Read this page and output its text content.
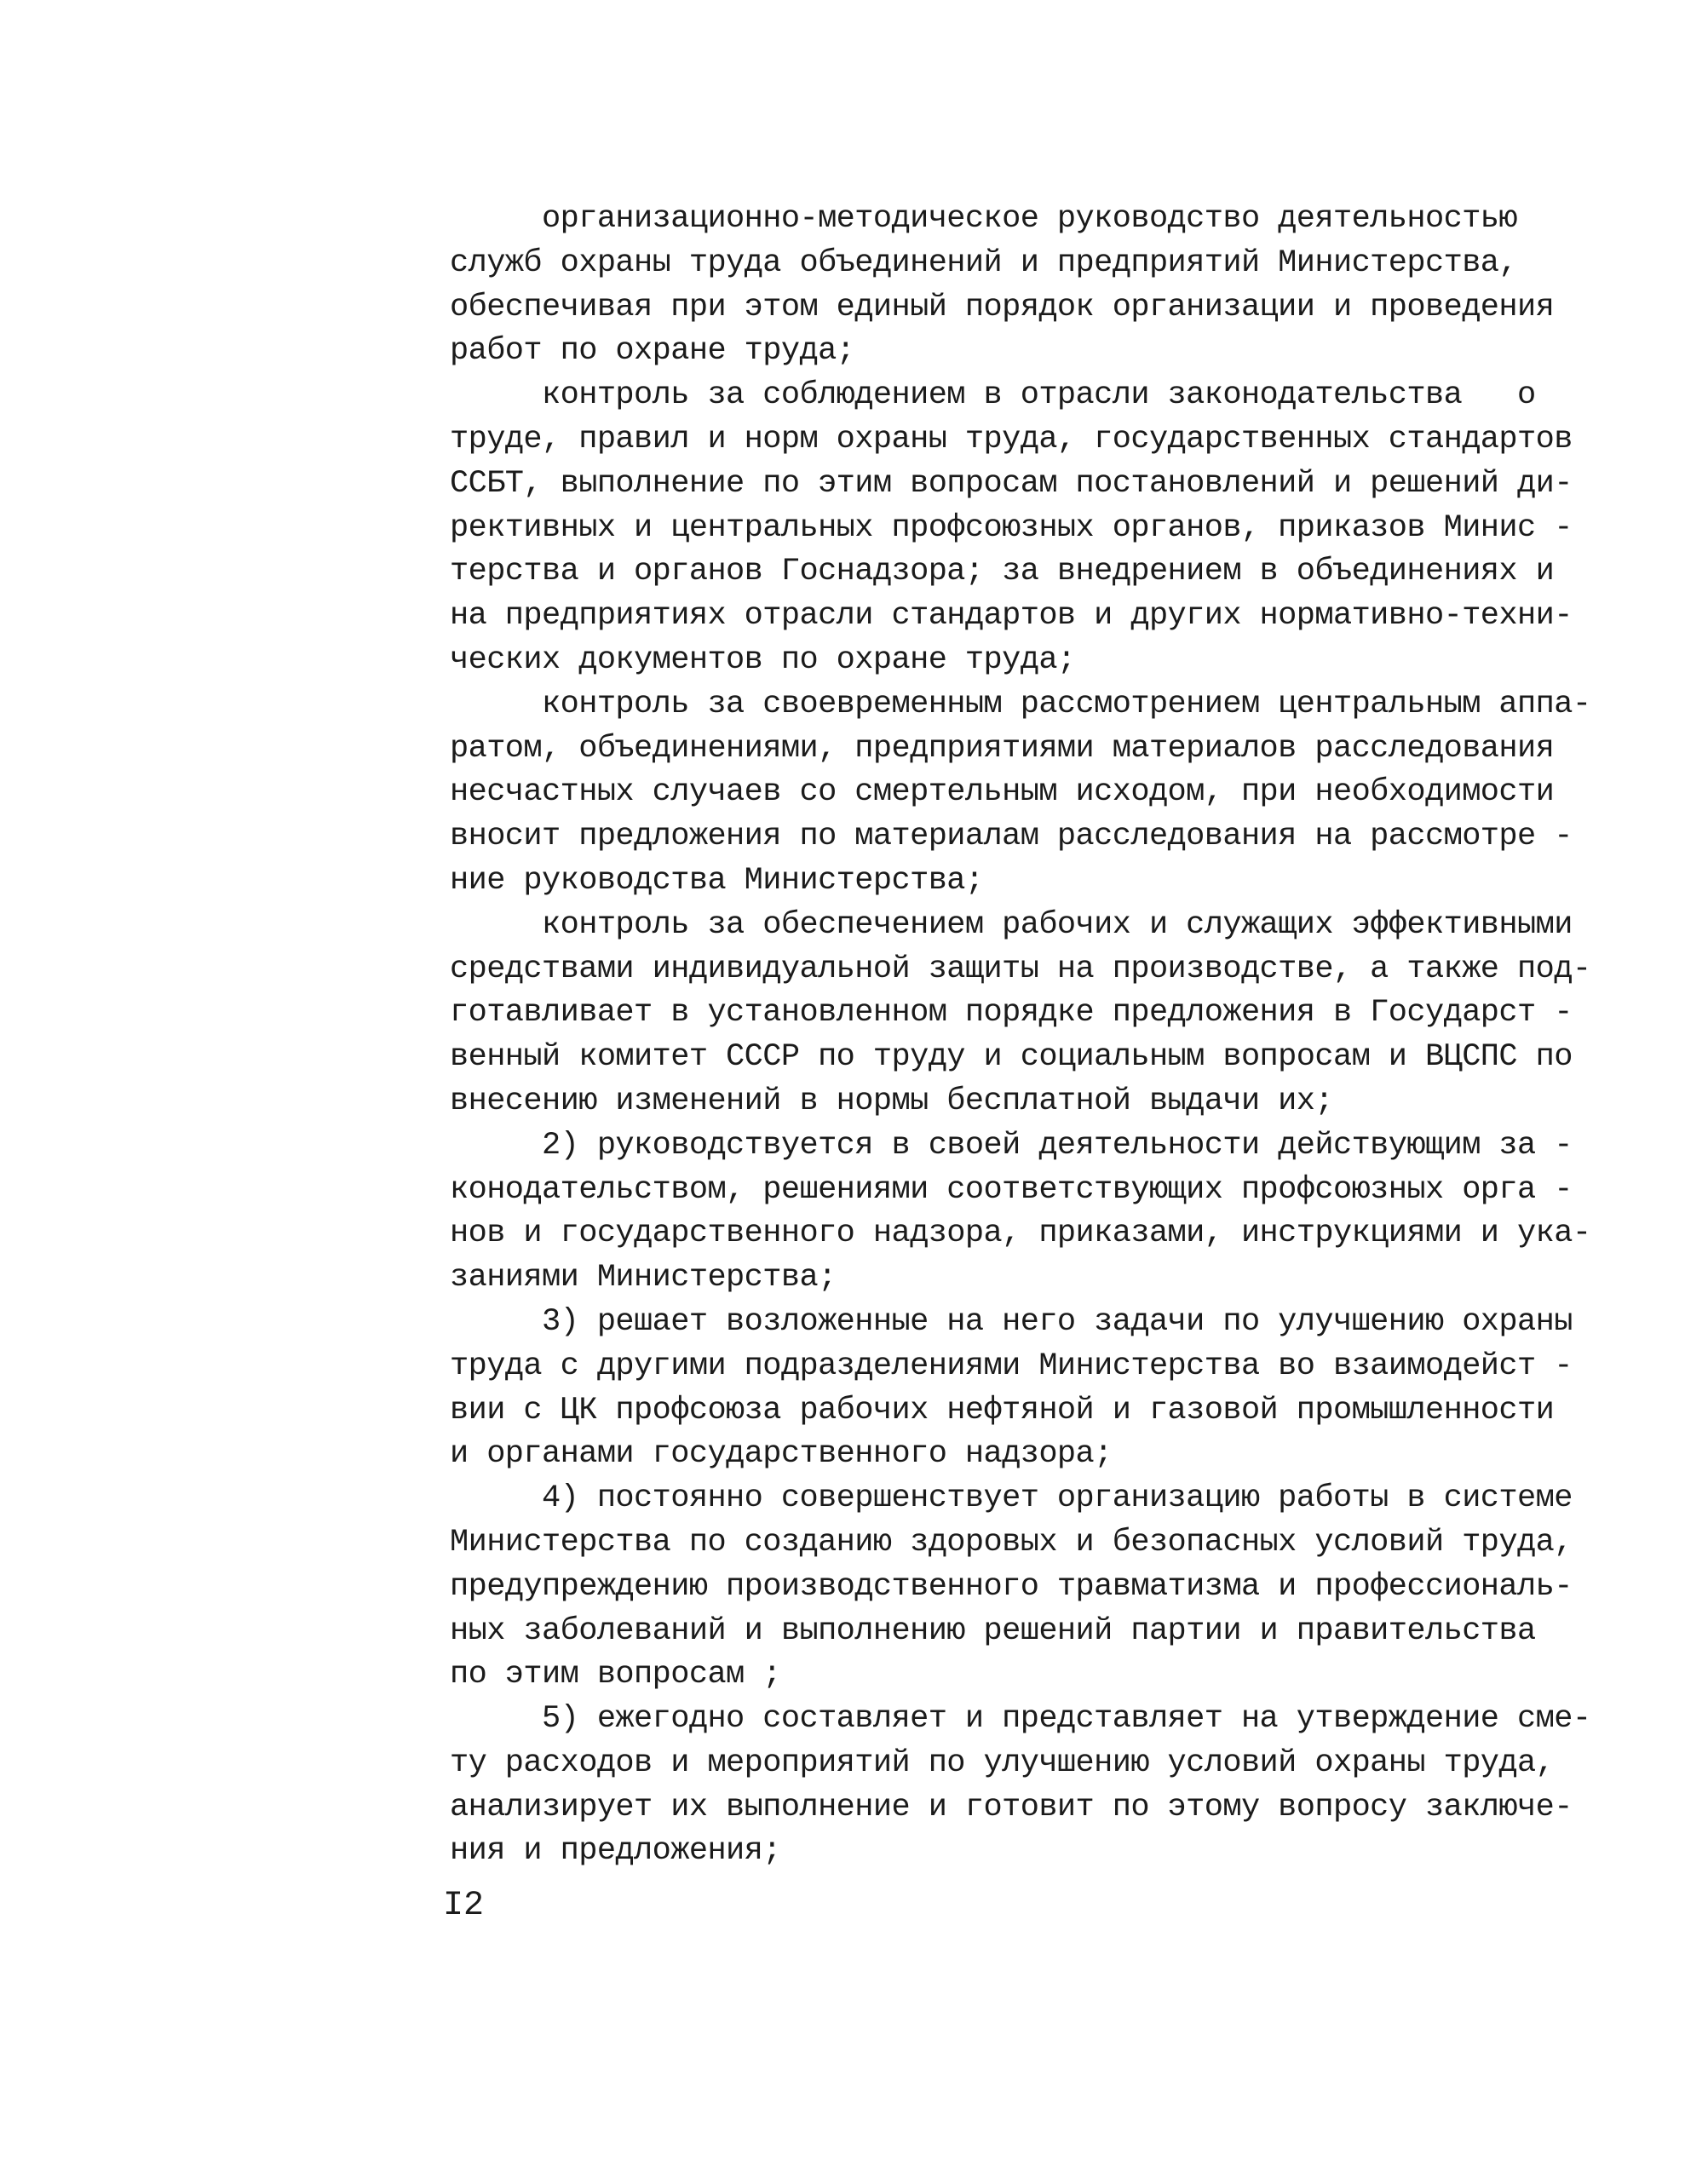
организационно-методическое руководство деятельностью
служб охраны труда объединений и предприятий Министерства,
обеспечивая при этом единый порядок организации и проведения
работ по охране труда;
контроль за соблюдением в отрасли законодательства   о
труде, правил и норм охраны труда, государственных стандартов
ССБТ, выполнение по этим вопросам постановлений и решений ди-
рективных и центральных профсоюзных органов, приказов Минис -
терства и органов Госнадзора; за внедрением в объединениях и
на предприятиях отрасли стандартов и других нормативно-техни-
ческих документов по охране труда;
контроль за своевременным рассмотрением центральным аппа-
ратом, объединениями, предприятиями материалов расследования
несчастных случаев со смертельным исходом, при необходимости
вносит предложения по материалам расследования на рассмотре -
ние руководства Министерства;
контроль за обеспечением рабочих и служащих эффективными
средствами индивидуальной защиты на производстве, а также под-
готавливает в установленном порядке предложения в Государст -
венный комитет СССР по труду и социальным вопросам и ВЦСПС по
внесению изменений в нормы бесплатной выдачи их;
2) руководствуется в своей деятельности действующим за -
конодательством, решениями соответствующих профсоюзных орга -
нов и государственного надзора, приказами, инструкциями и ука-
заниями Министерства;
3) решает возложенные на него задачи по улучшению охраны
труда с другими подразделениями Министерства во взаимодейст -
вии с ЦК профсоюза рабочих нефтяной и газовой промышленности
и органами государственного надзора;
4) постоянно совершенствует организацию работы в системе
Министерства по созданию здоровых и безопасных условий труда,
предупреждению производственного травматизма и профессиональ-
ных заболеваний и выполнению решений партии и правительства
по этим вопросам ;
5) ежегодно составляет и представляет на утверждение сме-
ту расходов и мероприятий по улучшению условий охраны труда,
анализирует их выполнение и готовит по этому вопросу заключе-
ния и предложения;
I2
